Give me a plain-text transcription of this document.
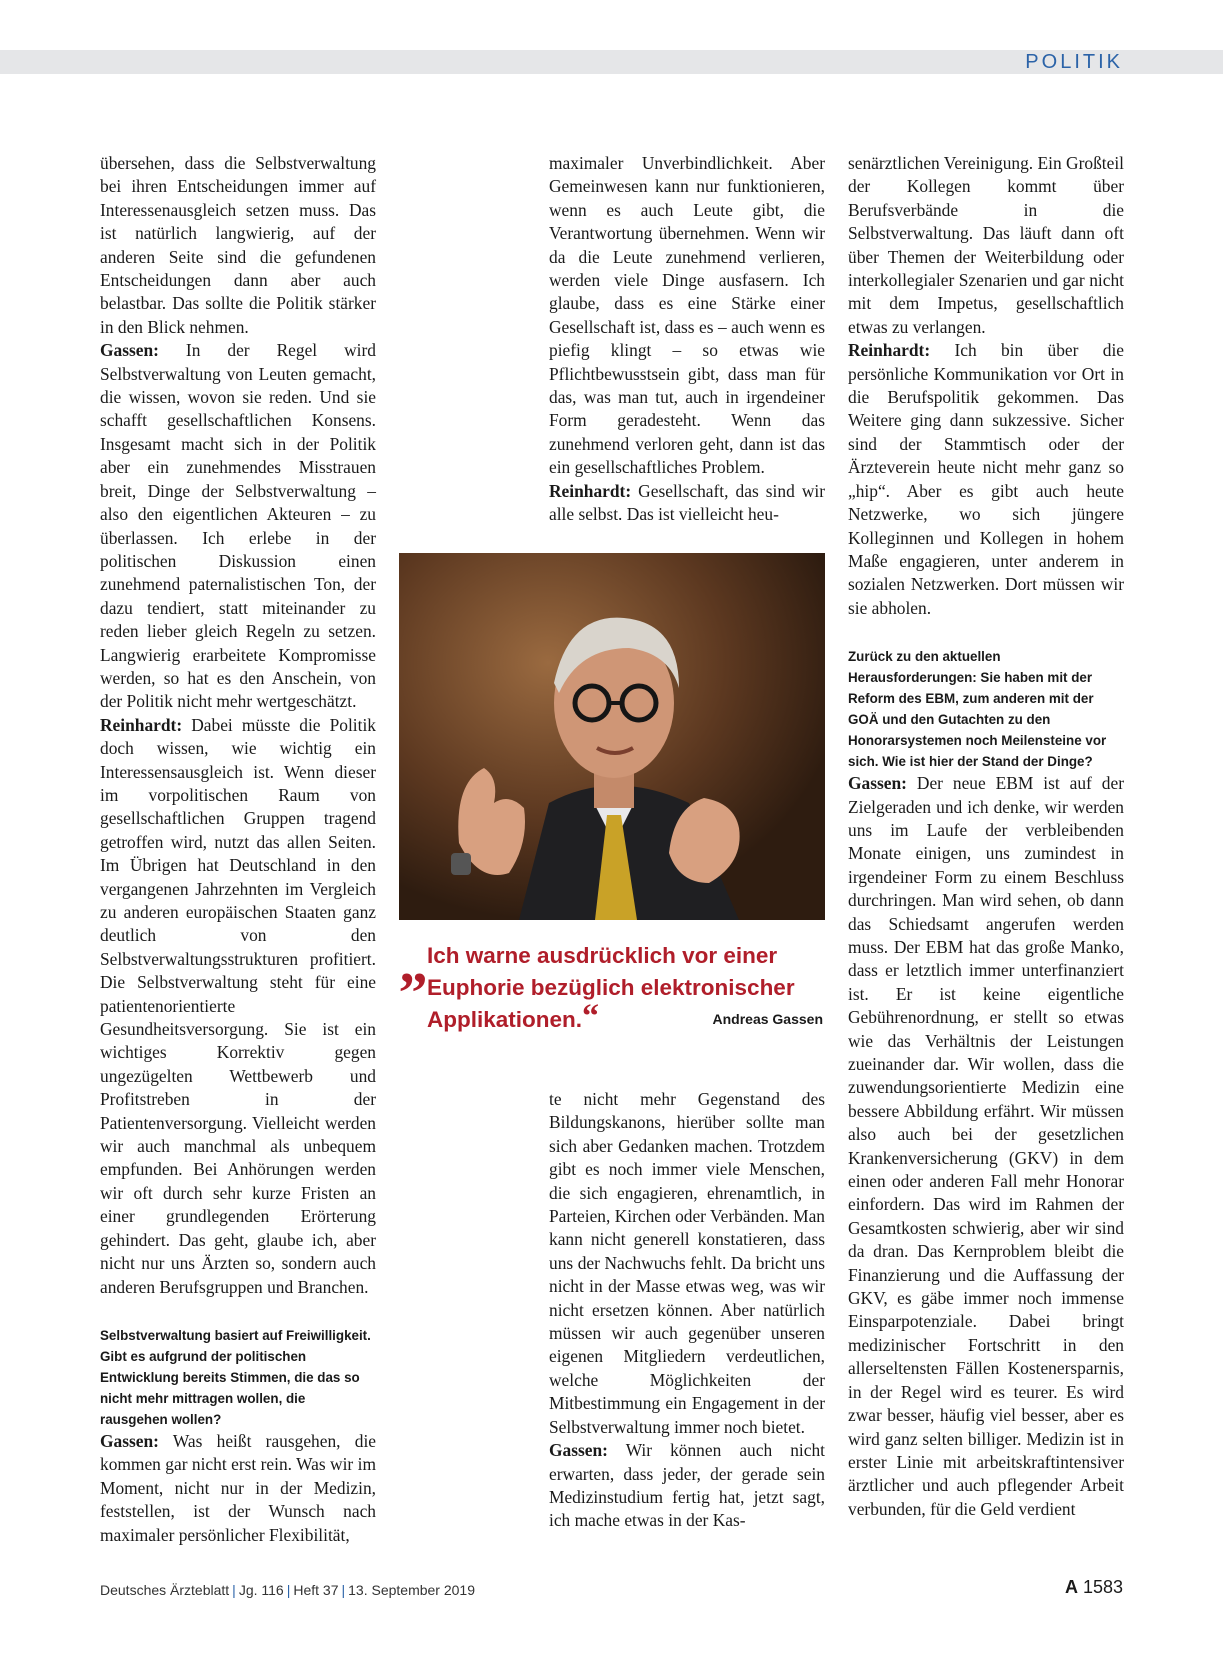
POLITIK

übersehen, dass die Selbstverwaltung bei ihren Entscheidungen immer auf Interessenausgleich setzen muss. Das ist natürlich langwierig, auf der anderen Seite sind die gefundenen Entscheidungen dann aber auch belastbar. Das sollte die Politik stärker in den Blick nehmen.

Gassen: In der Regel wird Selbstverwaltung von Leuten gemacht, die wissen, wovon sie reden. Und sie schafft gesellschaftlichen Konsens. Insgesamt macht sich in der Politik aber ein zunehmendes Misstrauen breit, Dinge der Selbstverwaltung – also den eigentlichen Akteuren – zu überlassen. Ich erlebe in der politischen Diskussion einen zunehmend paternalistischen Ton, der dazu tendiert, statt miteinander zu reden lieber gleich Regeln zu setzen. Langwierig erarbeitete Kompromisse werden, so hat es den Anschein, von der Politik nicht mehr wertgeschätzt.

Reinhardt: Dabei müsste die Politik doch wissen, wie wichtig ein Interessensausgleich ist. Wenn dieser im vorpolitischen Raum von gesellschaftlichen Gruppen tragend getroffen wird, nutzt das allen Seiten. Im Übrigen hat Deutschland in den vergangenen Jahrzehnten im Vergleich zu anderen europäischen Staaten ganz deutlich von den Selbstverwaltungsstrukturen profitiert. Die Selbstverwaltung steht für eine patientenorientierte Gesundheitsversorgung. Sie ist ein wichtiges Korrektiv gegen ungezügelten Wettbewerb und Profitstreben in der Patientenversorgung. Vielleicht werden wir auch manchmal als unbequem empfunden. Bei Anhörungen werden wir oft durch sehr kurze Fristen an einer grundlegenden Erörterung gehindert. Das geht, glaube ich, aber nicht nur uns Ärzten so, sondern auch anderen Berufsgruppen und Branchen.

Selbstverwaltung basiert auf Freiwilligkeit. Gibt es aufgrund der politischen Entwicklung bereits Stimmen, die das so nicht mehr mittragen wollen, die rausgehen wollen?

Gassen: Was heißt rausgehen, die kommen gar nicht erst rein. Was wir im Moment, nicht nur in der Medizin, feststellen, ist der Wunsch nach maximaler persönlicher Flexibilität,

maximaler Unverbindlichkeit. Aber Gemeinwesen kann nur funktionieren, wenn es auch Leute gibt, die Verantwortung übernehmen. Wenn wir da die Leute zunehmend verlieren, werden viele Dinge ausfasern. Ich glaube, dass es eine Stärke einer Gesellschaft ist, dass es – auch wenn es piefig klingt – so etwas wie Pflichtbewusstsein gibt, dass man für das, was man tut, auch in irgendeiner Form geradesteht. Wenn das zunehmend verloren geht, dann ist das ein gesellschaftliches Problem.

Reinhardt: Gesellschaft, das sind wir alle selbst. Das ist vielleicht heu-

„ Ich warne ausdrücklich vor einer Euphorie bezüglich elektronischer Applikationen.“	Andreas Gassen

te nicht mehr Gegenstand des Bildungskanons, hierüber sollte man sich aber Gedanken machen. Trotzdem gibt es noch immer viele Menschen, die sich engagieren, ehrenamtlich, in Parteien, Kirchen oder Verbänden. Man kann nicht generell konstatieren, dass uns der Nachwuchs fehlt. Da bricht uns nicht in der Masse etwas weg, was wir nicht ersetzen können. Aber natürlich müssen wir auch gegenüber unseren eigenen Mitgliedern verdeutlichen, welche Möglichkeiten der Mitbestimmung ein Engagement in der Selbstverwaltung immer noch bietet.

Gassen: Wir können auch nicht erwarten, dass jeder, der gerade sein Medizinstudium fertig hat, jetzt sagt, ich mache etwas in der Kas-

senärztlichen Vereinigung. Ein Großteil der Kollegen kommt über Berufsverbände in die Selbstverwaltung. Das läuft dann oft über Themen der Weiterbildung oder interkollegialer Szenarien und gar nicht mit dem Impetus, gesellschaftlich etwas zu verlangen.

Reinhardt: Ich bin über die persönliche Kommunikation vor Ort in die Berufspolitik gekommen. Das Weitere ging dann sukzessive. Sicher sind der Stammtisch oder der Ärzteverein heute nicht mehr ganz so „hip“. Aber es gibt auch heute Netzwerke, wo sich jüngere Kolleginnen und Kollegen in hohem Maße engagieren, unter anderem in sozialen Netzwerken. Dort müssen wir sie abholen.

Zurück zu den aktuellen Herausforderungen: Sie haben mit der Reform des EBM, zum anderen mit der GOÄ und den Gutachten zu den Honorarsystemen noch Meilensteine vor sich. Wie ist hier der Stand der Dinge?

Gassen: Der neue EBM ist auf der Zielgeraden und ich denke, wir werden uns im Laufe der verbleibenden Monate einigen, uns zumindest in irgendeiner Form zu einem Beschluss durchringen. Man wird sehen, ob dann das Schiedsamt angerufen werden muss. Der EBM hat das große Manko, dass er letztlich immer unterfinanziert ist. Er ist keine eigentliche Gebührenordnung, er stellt so etwas wie das Verhältnis der Leistungen zueinander dar. Wir wollen, dass die zuwendungsorientierte Medizin eine bessere Abbildung erfährt. Wir müssen also auch bei der gesetzlichen Krankenversicherung (GKV) in dem einen oder anderen Fall mehr Honorar einfordern. Das wird im Rahmen der Gesamtkosten schwierig, aber wir sind da dran. Das Kernproblem bleibt die Finanzierung und die Auffassung der GKV, es gäbe immer noch immense Einsparpotenziale. Dabei bringt medizinischer Fortschritt in den allerseltensten Fällen Kostenersparnis, in der Regel wird es teurer. Es wird zwar besser, häufig viel besser, aber es wird ganz selten billiger. Medizin ist in erster Linie mit arbeitskraftintensiver ärztlicher und auch pflegender Arbeit verbunden, für die Geld verdient

Deutsches Ärzteblatt | Jg. 116 | Heft 37 | 13. September 2019	A 1583
